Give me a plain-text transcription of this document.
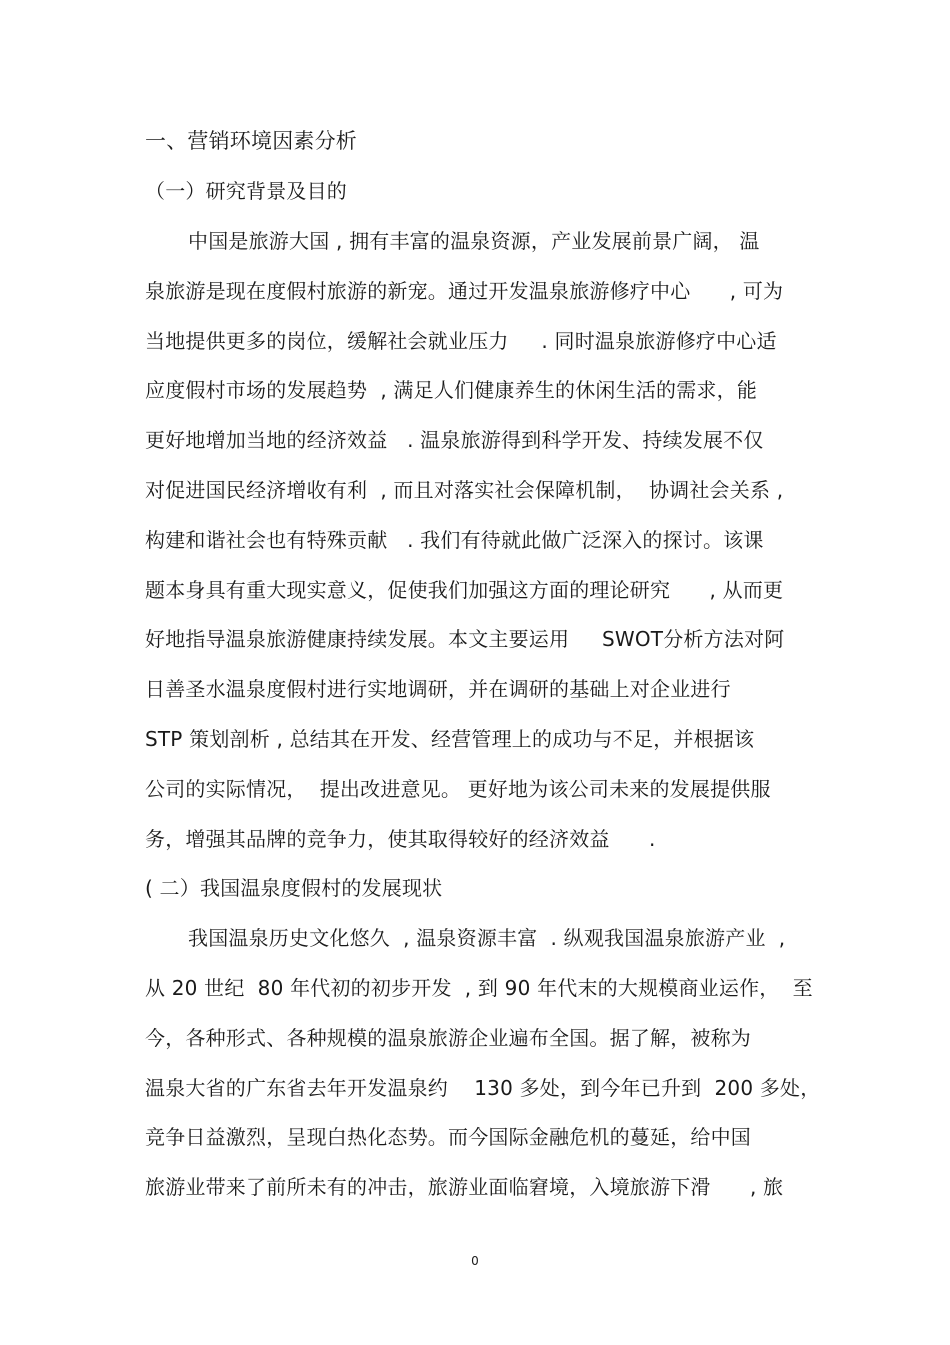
一、营销环境因素分析
（一）研究背景及目的
中国是旅游大国 , 拥有丰富的温泉资源，产业发展前景广阔， 温
泉旅游是现在度假村旅游的新宠。通过开发温泉旅游修疗中心      , 可为
当地提供更多的岗位，缓解社会就业压力     . 同时温泉旅游修疗中心适
应度假村市场的发展趋势  , 满足人们健康养生的休闲生活的需求，能
更好地增加当地的经济效益   . 温泉旅游得到科学开发、持续发展不仅
对促进国民经济增收有利  , 而且对落实社会保障机制，  协调社会关系 ,
构建和谐社会也有特殊贡献   . 我们有待就此做广泛深入的探讨。该课
题本身具有重大现实意义，促使我们加强这方面的理论研究      , 从而更
好地指导温泉旅游健康持续发展。本文主要运用     SWOT分析方法对阿
日善圣水温泉度假村进行实地调研，并在调研的基础上对企业进行
STP 策划剖析 , 总结其在开发、经营管理上的成功与不足，并根据该
公司的实际情况，  提出改进意见。 更好地为该公司未来的发展提供服
务，增强其品牌的竞争力，使其取得较好的经济效益      .
( 二）我国温泉度假村的发展现状
我国温泉历史文化悠久  , 温泉资源丰富  . 纵观我国温泉旅游产业  ,
从 20 世纪  80 年代初的初步开发  , 到 90 年代末的大规模商业运作，  至
今，各种形式、各种规模的温泉旅游企业遍布全国。据了解，被称为
温泉大省的广东省去年开发温泉约    130 多处，到今年已升到  200 多处，
竞争日益激烈，呈现白热化态势。而今国际金融危机的蔓延，给中国
旅游业带来了前所未有的冲击，旅游业面临窘境，入境旅游下滑      , 旅
0
